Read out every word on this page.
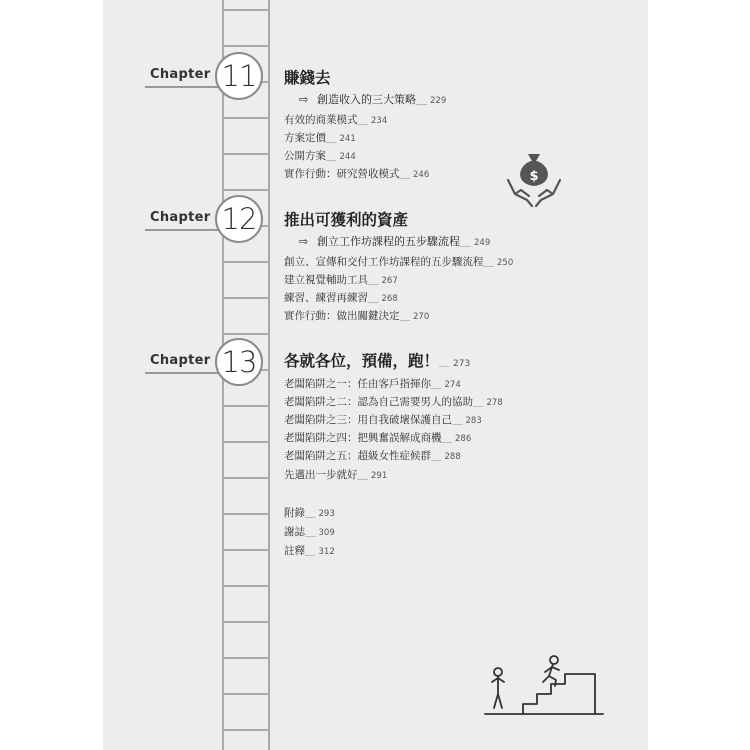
Chapter 11	賺錢去
⇨ 創造收入的三大策略＿ 229
有效的商業模式＿ 234
方案定價＿ 241
公開方案＿ 244
實作行動：研究營收模式＿ 246	$
Chapter 12	推出可獲利的資產
⇨ 創立工作坊課程的五步驟流程＿ 249
創立、宣傳和交付工作坊課程的五步驟流程＿ 250
建立視覺輔助工具＿ 267
練習、練習再練習＿ 268
實作行動：做出關鍵決定＿ 270
Chapter 13	各就各位，預備，跑！＿ 273
老闆陷阱之一：任由客戶指揮你＿ 274
老闆陷阱之二：認為自己需要男人的協助＿ 278
老闆陷阱之三：用自我破壞保護自己＿ 283
老闆陷阱之四：把興奮誤解成商機＿ 286
老闆陷阱之五：超級女性症候群＿ 288
先邁出一步就好＿ 291
附錄＿ 293
謝誌＿ 309
註釋＿ 312
